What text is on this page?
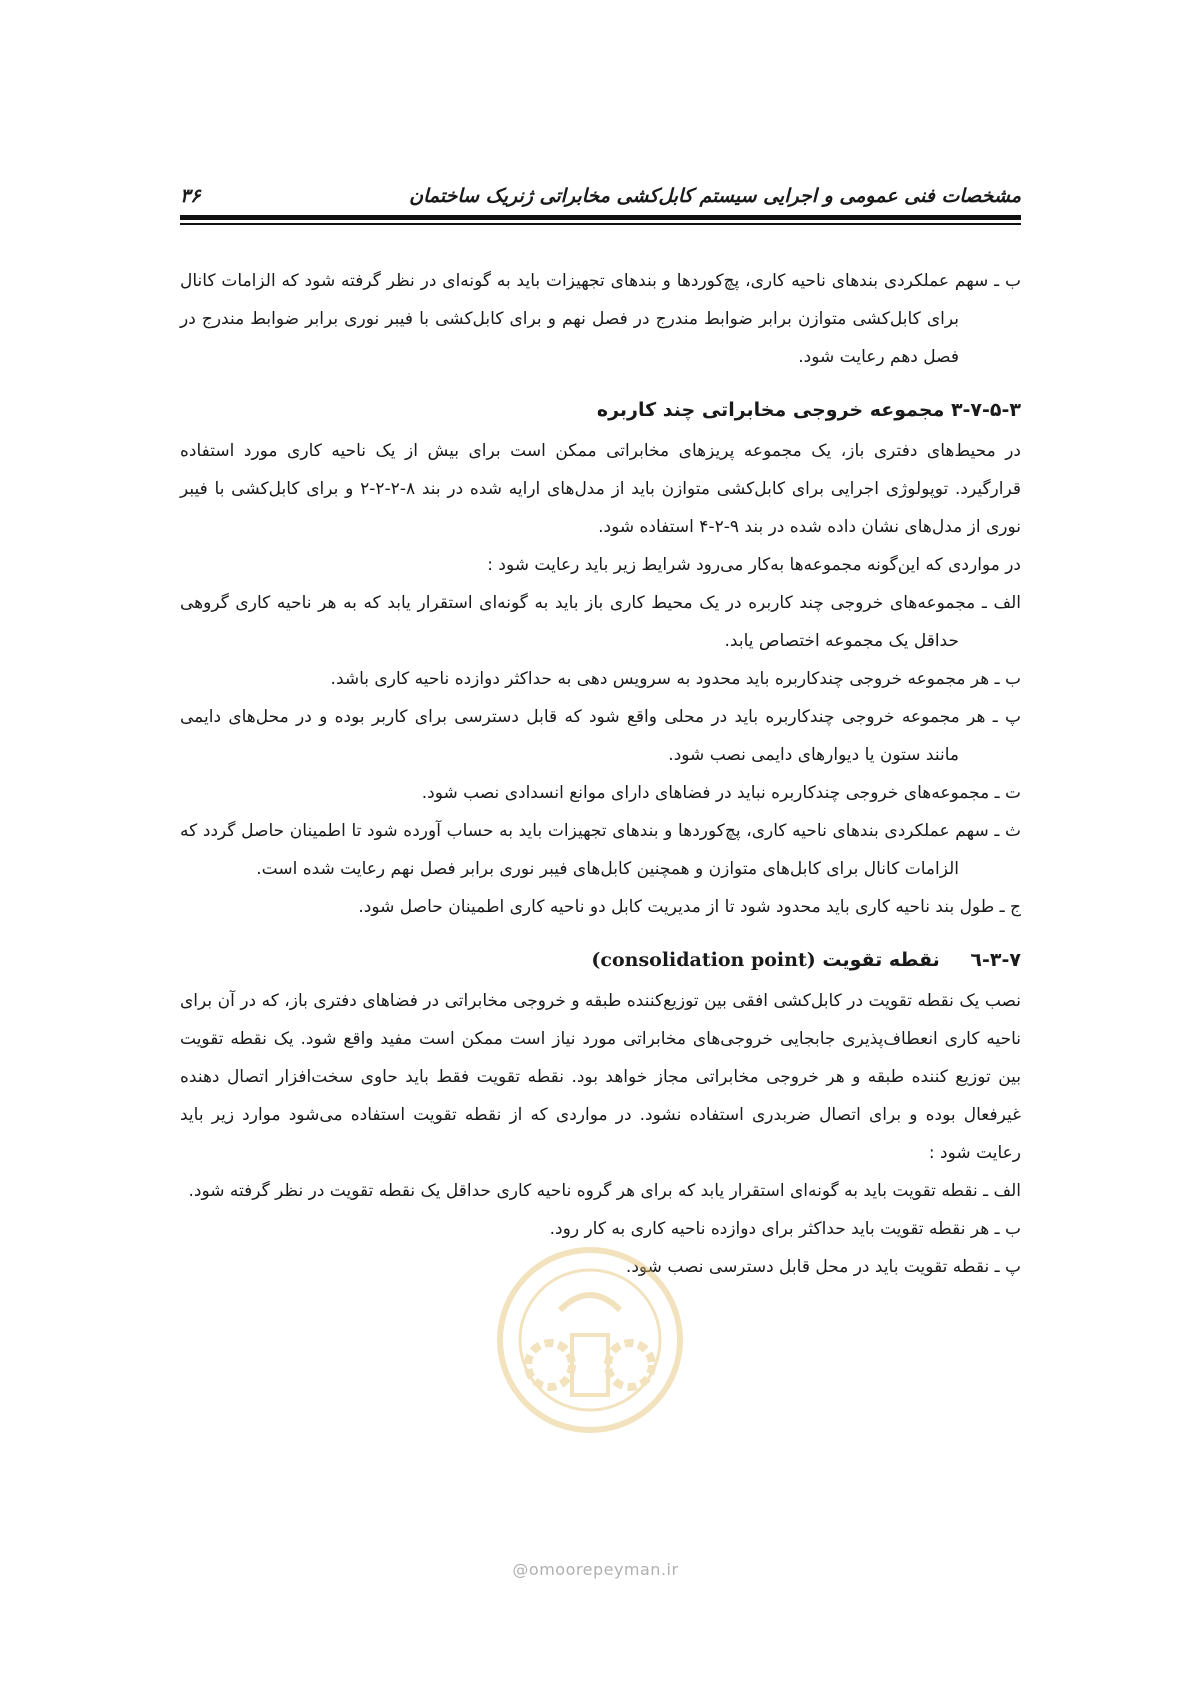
مشخصات فنی عمومی و اجرایی سیستم کابل‌کشی مخابراتی ژنریک ساختمان
۳۶

ب ـ سهم عملکردی بندهای ناحیه کاری، پچ‌کوردها و بندهای تجهیزات باید به گونه‌ای در نظر گرفته شود که الزامات کانال برای کابل‌کشی متوازن برابر ضوابط مندرج در فصل نهم و برای کابل‌کشی با فیبر نوری برابر ضوابط مندرج در فصل دهم رعایت شود.

۳-۷-۵-۳ مجموعه خروجی مخابراتی چند کاربره

در محیط‌های دفتری باز، یک مجموعه پریزهای مخابراتی ممکن است برای بیش از یک ناحیه کاری مورد استفاده قرارگیرد. توپولوژی اجرایی برای کابل‌کشی متوازن باید از مدل‌های ارایه شده در بند ۸-۲-۲-۲ و برای کابل‌کشی با فیبر نوری از مدل‌های نشان داده شده در بند ۹-۲-۴ استفاده شود.

در مواردی که این‌گونه مجموعه‌ها به‌کار می‌رود شرایط زیر باید رعایت شود :

الف ـ مجموعه‌های خروجی چند کاربره در یک محیط کاری باز باید به گونه‌ای استقرار یابد که به هر ناحیه کاری گروهی حداقل یک مجموعه اختصاص یابد.

ب ـ هر مجموعه خروجی چندکاربره باید محدود به سرویس دهی به حداکثر دوازده ناحیه کاری باشد.

پ ـ هر مجموعه خروجی چندکاربره باید در محلی واقع شود که قابل دسترسی برای کاربر بوده و در محل‌های دایمی مانند ستون یا دیوارهای دایمی نصب شود.

ت ـ مجموعه‌های خروجی چندکاربره نباید در فضاهای دارای موانع انسدادی نصب شود.

ث ـ سهم عملکردی بندهای ناحیه کاری، پچ‌کوردها و بندهای تجهیزات باید به حساب آورده شود تا اطمینان حاصل گردد که الزامات کانال برای کابل‌های متوازن و همچنین کابل‌های فیبر نوری برابر فصل نهم رعایت شده است.

ج ـ طول بند ناحیه کاری باید محدود شود تا از مدیریت کابل دو ناحیه کاری اطمینان حاصل شود.

۳-۷-٦ نقطه تقویت (consolidation point)

نصب یک نقطه تقویت در کابل‌کشی افقی بین توزیع‌کننده طبقه و خروجی مخابراتی در فضاهای دفتری باز، که در آن برای ناحیه کاری انعطاف‌پذیری جابجایی خروجی‌های مخابراتی مورد نیاز است ممکن است مفید واقع شود. یک نقطه تقویت بین توزیع کننده طبقه و هر خروجی مخابراتی مجاز خواهد بود. نقطه تقویت فقط باید حاوی سخت‌افزار اتصال دهنده غیرفعال بوده و برای اتصال ضربدری استفاده نشود. در مواردی که از نقطه تقویت استفاده می‌شود موارد زیر باید رعایت شود :

الف ـ نقطه تقویت باید به گونه‌ای استقرار یابد که برای هر گروه ناحیه کاری حداقل یک نقطه تقویت در نظر گرفته شود.

ب ـ هر نقطه تقویت باید حداکثر برای دوازده ناحیه کاری به کار رود.

پ ـ نقطه تقویت باید در محل قابل دسترسی نصب شود.

@omoorepeyman.ir
